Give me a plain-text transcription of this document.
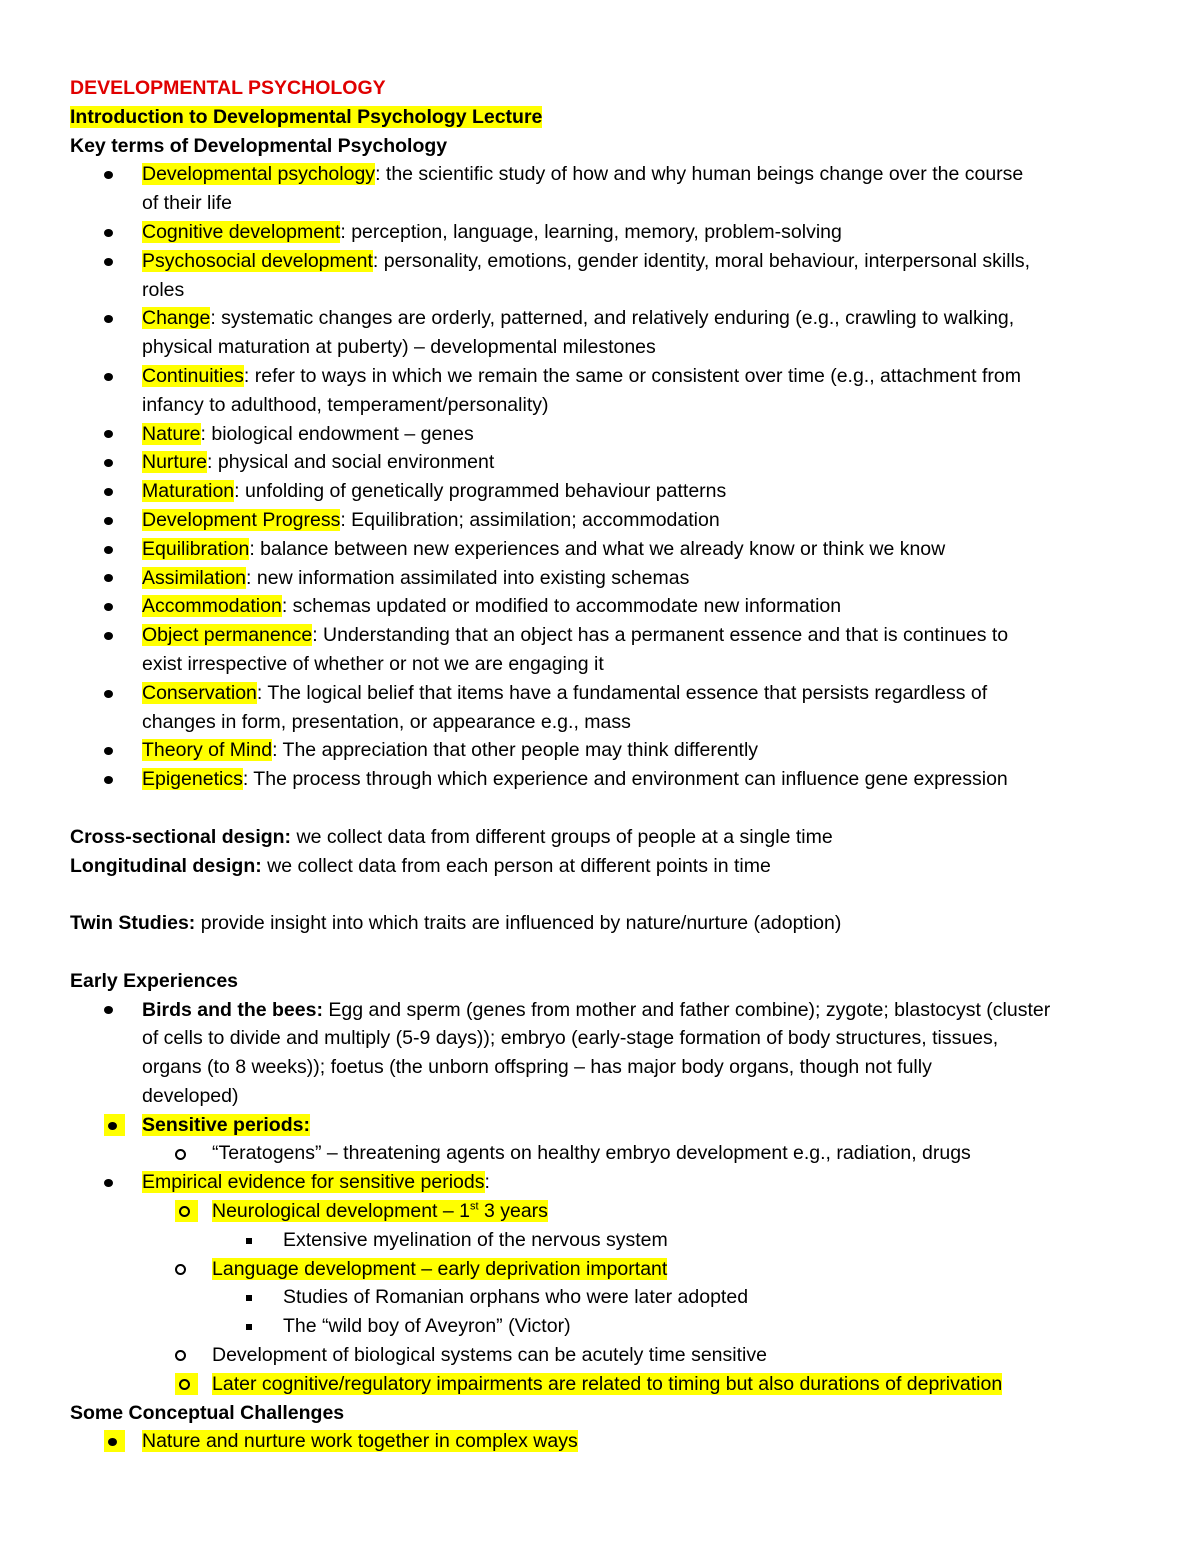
DEVELOPMENTAL PSYCHOLOGY
Introduction to Developmental Psychology Lecture
Key terms of Developmental Psychology
Developmental psychology: the scientific study of how and why human beings change over the course
of their life
Cognitive development: perception, language, learning, memory, problem-solving
Psychosocial development: personality, emotions, gender identity, moral behaviour, interpersonal skills,
roles
Change: systematic changes are orderly, patterned, and relatively enduring (e.g., crawling to walking,
physical maturation at puberty) – developmental milestones
Continuities: refer to ways in which we remain the same or consistent over time (e.g., attachment from
infancy to adulthood, temperament/personality)
Nature: biological endowment – genes
Nurture: physical and social environment
Maturation: unfolding of genetically programmed behaviour patterns
Development Progress: Equilibration; assimilation; accommodation
Equilibration: balance between new experiences and what we already know or think we know
Assimilation: new information assimilated into existing schemas
Accommodation: schemas updated or modified to accommodate new information
Object permanence: Understanding that an object has a permanent essence and that is continues to
exist irrespective of whether or not we are engaging it
Conservation: The logical belief that items have a fundamental essence that persists regardless of
changes in form, presentation, or appearance e.g., mass
Theory of Mind: The appreciation that other people may think differently
Epigenetics: The process through which experience and environment can influence gene expression
Cross-sectional design: we collect data from different groups of people at a single time
Longitudinal design: we collect data from each person at different points in time
Twin Studies: provide insight into which traits are influenced by nature/nurture (adoption)
Early Experiences
Birds and the bees: Egg and sperm (genes from mother and father combine); zygote; blastocyst (cluster
of cells to divide and multiply (5-9 days)); embryo (early-stage formation of body structures, tissues,
organs (to 8 weeks)); foetus (the unborn offspring – has major body organs, though not fully
developed)
Sensitive periods:
“Teratogens” – threatening agents on healthy embryo development e.g., radiation, drugs
Empirical evidence for sensitive periods:
Neurological development – 1st 3 years
Extensive myelination of the nervous system
Language development – early deprivation important
Studies of Romanian orphans who were later adopted
The “wild boy of Aveyron” (Victor)
Development of biological systems can be acutely time sensitive
Later cognitive/regulatory impairments are related to timing but also durations of deprivation
Some Conceptual Challenges
Nature and nurture work together in complex ways
